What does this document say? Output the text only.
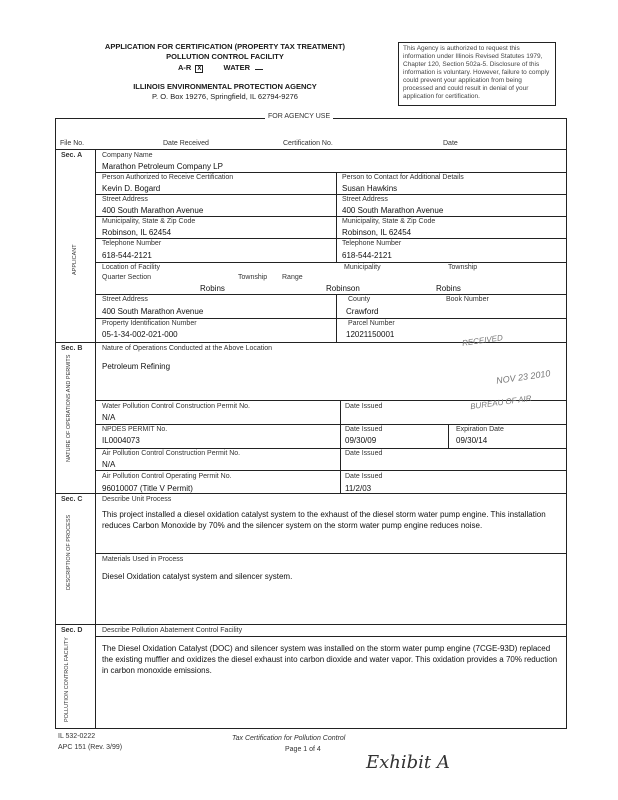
APPLICATION FOR CERTIFICATION (PROPERTY TAX TREATMENT)
POLLUTION CONTROL FACILITY
A-R X	WATER
ILLINOIS ENVIRONMENTAL PROTECTION AGENCY
P. O. Box 19276, Springfield, IL 62794-9276
This Agency is authorized to request this information under Illinois Revised Statutes 1979, Chapter 120, Section 502a-5. Disclosure of this information is voluntary. However, failure to comply could prevent your application from being processed and could result in denial of your application for certification.
FOR AGENCY USE
File No.	Date Received	Certification No.	Date
Sec. A
APPLICANT
Company Name
Marathon Petroleum Company LP
Person Authorized to Receive Certification
Kevin D. Bogard
Person to Contact for Additional Details
Susan Hawkins
Street Address
400 South Marathon Avenue
Street Address
400 South Marathon Avenue
Municipality, State & Zip Code
Robinson, IL 62454
Municipality, State & Zip Code
Robinson, IL 62454
Telephone Number
618-544-2121
Telephone Number
618-544-2121
Location of Facility
Quarter Section	Township Range
Robins
Municipality
Robinson
Township
Robins
Street Address
400 South Marathon Avenue
County
Crawford
Book Number
Property Identification Number
05-1-34-002-021-000
Parcel Number
12021150001
Sec. B
NATURE OF OPERATIONS AND PERMITS
Nature of Operations Conducted at the Above Location
Petroleum Refining
Water Pollution Control Construction Permit No.
N/A
Date Issued
NPDES PERMIT No.
IL0004073
Date Issued
09/30/09
Expiration Date
09/30/14
Air Pollution Control Construction Permit No.
N/A
Date Issued
Air Pollution Control Operating Permit No.
96010007 (Title V Permit)
Date Issued
11/2/03
Sec. C
DESCRIPTION OF PROCESS
Describe Unit Process
This project installed a diesel oxidation catalyst system to the exhaust of the diesel storm water pump engine. This installation reduces Carbon Monoxide by 70% and the silencer system on the storm water pump engine reduces noise.
Materials Used in Process
Diesel Oxidation catalyst system and silencer system.
Sec. D
POLLUTION CONTROL FACILITY
Describe Pollution Abatement Control Facility
The Diesel Oxidation Catalyst (DOC) and silencer system was installed on the storm water pump engine (7CGE-93D) replaced the existing muffler and oxidizes the diesel exhaust into carbon dioxide and water vapor. This oxidation provides a 70% reduction in carbon monoxide emissions.
RECEIVED
NOV 23 2010
BUREAU OF AIR
IL 532-0222
APC 151 (Rev. 3/99)
Tax Certification for Pollution Control
Page 1 of 4
Exhibit A
